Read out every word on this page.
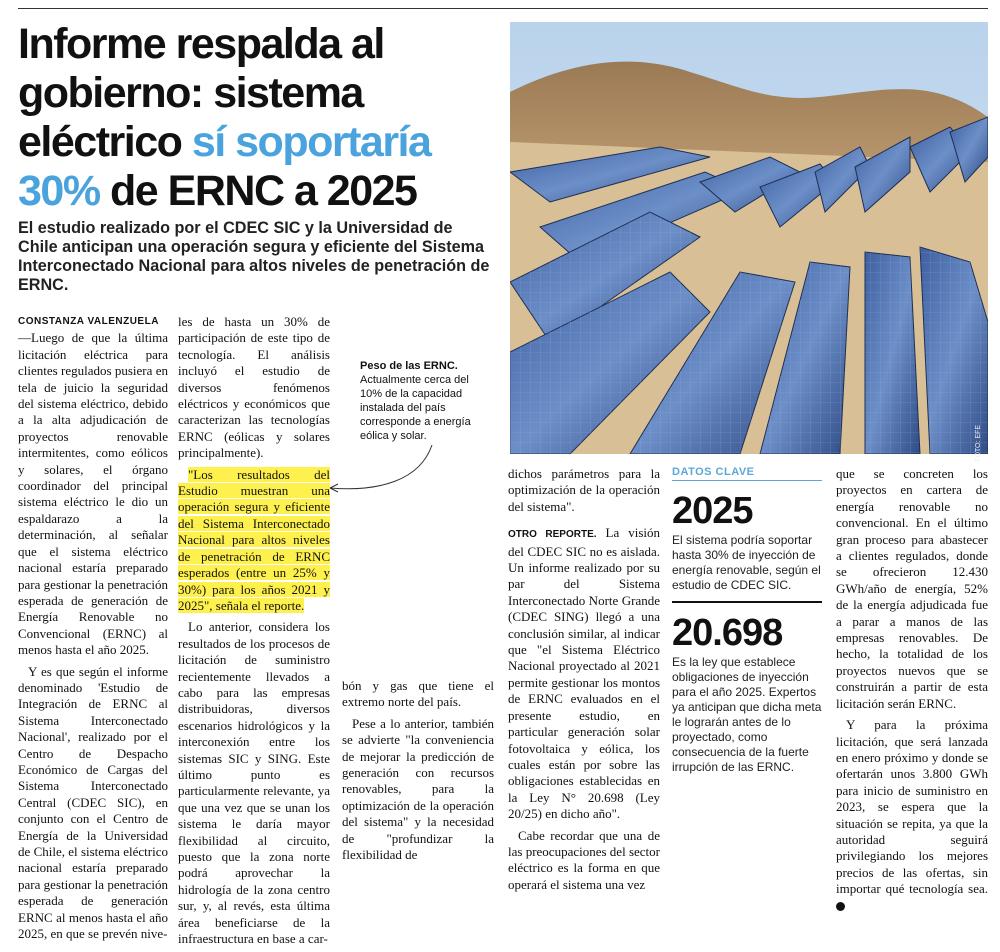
Informe respalda al gobierno: sistema eléctrico sí soportaría 30% de ERNC a 2025

El estudio realizado por el CDEC SIC y la Universidad de Chile anticipan una operación segura y eficiente del Sistema Interconectado Nacional para altos niveles de penetración de ERNC.

FOTO: EFE
CONSTANZA VALENZUELA

—Luego de que la última licitación eléctrica para clientes regulados pusiera en tela de juicio la seguridad del sistema eléctrico, debido a la alta adjudicación de proyectos renovable intermitentes, como eólicos y solares, el órgano coordinador del principal sistema eléctrico le dio un espaldarazo a la determinación, al señalar que el sistema eléctrico nacional estaría preparado para gestionar la penetración esperada de generación de Energía Renovable no Convencional (ERNC) al menos hasta el año 2025.

Y es que según el informe denominado 'Estudio de Integración de ERNC al Sistema Interconectado Nacional', realizado por el Centro de Despacho Económico de Cargas del Sistema Interconectado Central (CDEC SIC), en conjunto con el Centro de Energía de la Universidad de Chile, el sistema eléctrico nacional estaría preparado para gestionar la penetración esperada de generación ERNC al menos hasta el año 2025, en que se prevén nive-

les de hasta un 30% de participación de este tipo de tecnología. El análisis incluyó el estudio de diversos fenómenos eléctricos y económicos que caracterizan las tecnologías ERNC (eólicas y solares principalmente).

"Los resultados del Estudio muestran una operación segura y eficiente del Sistema Interconectado Nacional para altos niveles de penetración de ERNC esperados (entre un 25% y 30%) para los años 2021 y 2025", señala el reporte.

Lo anterior, considera los resultados de los procesos de licitación de suministro recientemente llevados a cabo para las empresas distribuidoras, diversos escenarios hidrológicos y la interconexión entre los sistemas SIC y SING. Este último punto es particularmente relevante, ya que una vez que se unan los sistema le daría mayor flexibilidad al circuito, puesto que la zona norte podrá aprovechar la hidrología de la zona centro sur, y, al revés, esta última área beneficiarse de la infraestructura en base a car-

Peso de las ERNC.
Actualmente cerca del 10% de la capacidad instalada del país corresponde a energía eólica y solar.

bón y gas que tiene el extremo norte del país.

Pese a lo anterior, también se advierte "la conveniencia de mejorar la predicción de generación con recursos renovables, para la optimización de la operación del sistema" y la necesidad de "profundizar la flexibilidad de

dichos parámetros para la optimización de la operación del sistema".

OTRO REPORTE. La visión del CDEC SIC no es aislada. Un informe realizado por su par del Sistema Interconectado Norte Grande (CDEC SING) llegó a una conclusión similar, al indicar que "el Sistema Eléctrico Nacional proyectado al 2021 permite gestionar los montos de ERNC evaluados en el presente estudio, en particular generación solar fotovoltaica y eólica, los cuales están por sobre las obligaciones establecidas en la Ley N° 20.698 (Ley 20/25) en dicho año".

Cabe recordar que una de las preocupaciones del sector eléctrico es la forma en que operará el sistema una vez

DATOS CLAVE
2025
El sistema podría soportar hasta 30% de inyección de energía renovable, según el estudio de CDEC SIC.
20.698
Es la ley que establece obligaciones de inyección para el año 2025. Expertos ya anticipan que dicha meta le lograrán antes de lo proyectado, como consecuencia de la fuerte irrupción de las ERNC.

que se concreten los proyectos en cartera de energía renovable no convencional. En el último gran proceso para abastecer a clientes regulados, donde se ofrecieron 12.430 GWh/año de energía, 52% de la energía adjudicada fue a parar a manos de las empresas renovables. De hecho, la totalidad de los proyectos nuevos que se construirán a partir de esta licitación serán ERNC.

Y para la próxima licitación, que será lanzada en enero próximo y donde se ofertarán unos 3.800 GWh para inicio de suministro en 2023, se espera que la situación se repita, ya que la autoridad seguirá privilegiando los mejores precios de las ofertas, sin importar qué tecnología sea.
